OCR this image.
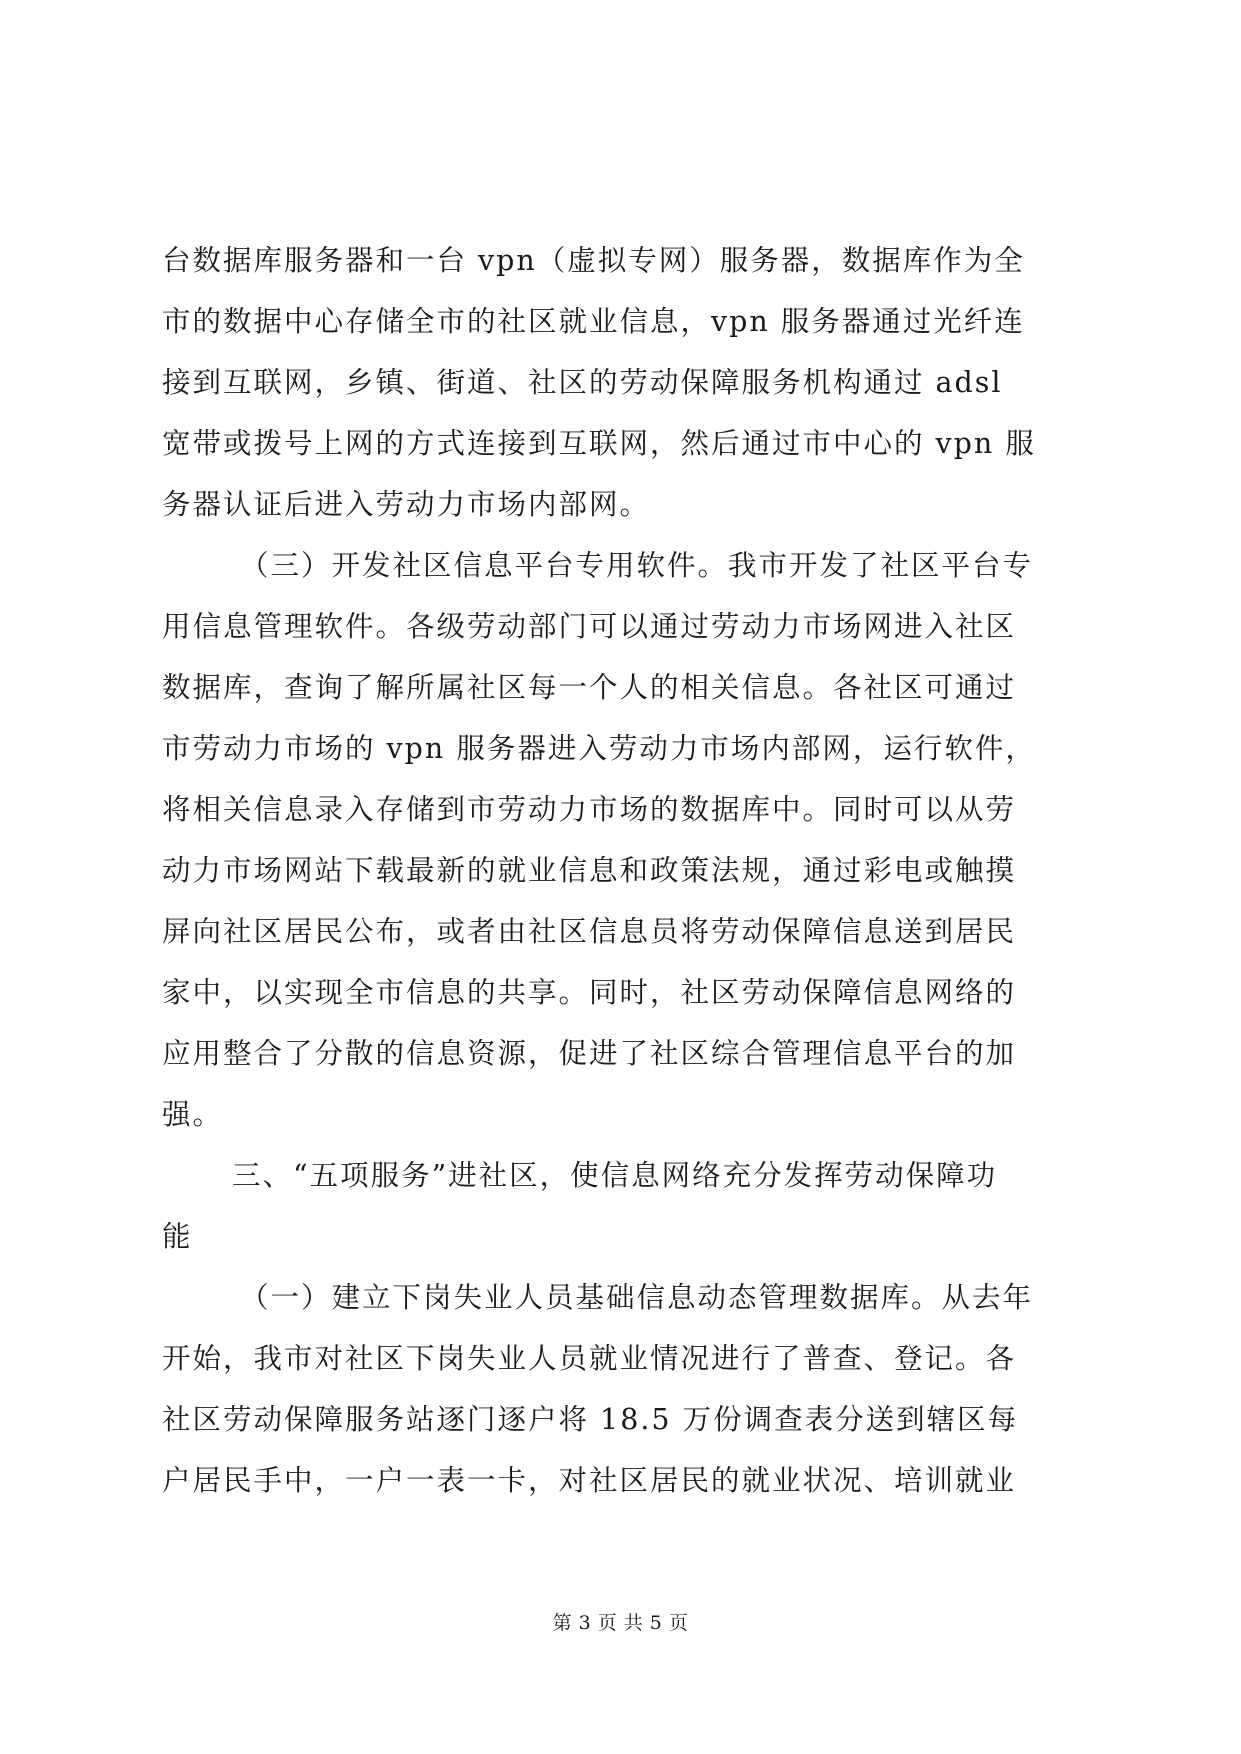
台数据库服务器和一台 vpn（虚拟专网）服务器，数据库作为全
市的数据中心存储全市的社区就业信息，vpn 服务器通过光纤连
接到互联网，乡镇、街道、社区的劳动保障服务机构通过 adsl
宽带或拨号上网的方式连接到互联网，然后通过市中心的 vpn 服
务器认证后进入劳动力市场内部网。
（三）开发社区信息平台专用软件。我市开发了社区平台专
用信息管理软件。各级劳动部门可以通过劳动力市场网进入社区
数据库，查询了解所属社区每一个人的相关信息。各社区可通过
市劳动力市场的 vpn 服务器进入劳动力市场内部网，运行软件，
将相关信息录入存储到市劳动力市场的数据库中。同时可以从劳
动力市场网站下载最新的就业信息和政策法规，通过彩电或触摸
屏向社区居民公布，或者由社区信息员将劳动保障信息送到居民
家中，以实现全市信息的共享。同时，社区劳动保障信息网络的
应用整合了分散的信息资源，促进了社区综合管理信息平台的加
强。
三、“五项服务”进社区，使信息网络充分发挥劳动保障功
能
（一）建立下岗失业人员基础信息动态管理数据库。从去年
开始，我市对社区下岗失业人员就业情况进行了普查、登记。各
社区劳动保障服务站逐门逐户将 18.5 万份调查表分送到辖区每
户居民手中，一户一表一卡，对社区居民的就业状况、培训就业
第 3 页 共 5 页
